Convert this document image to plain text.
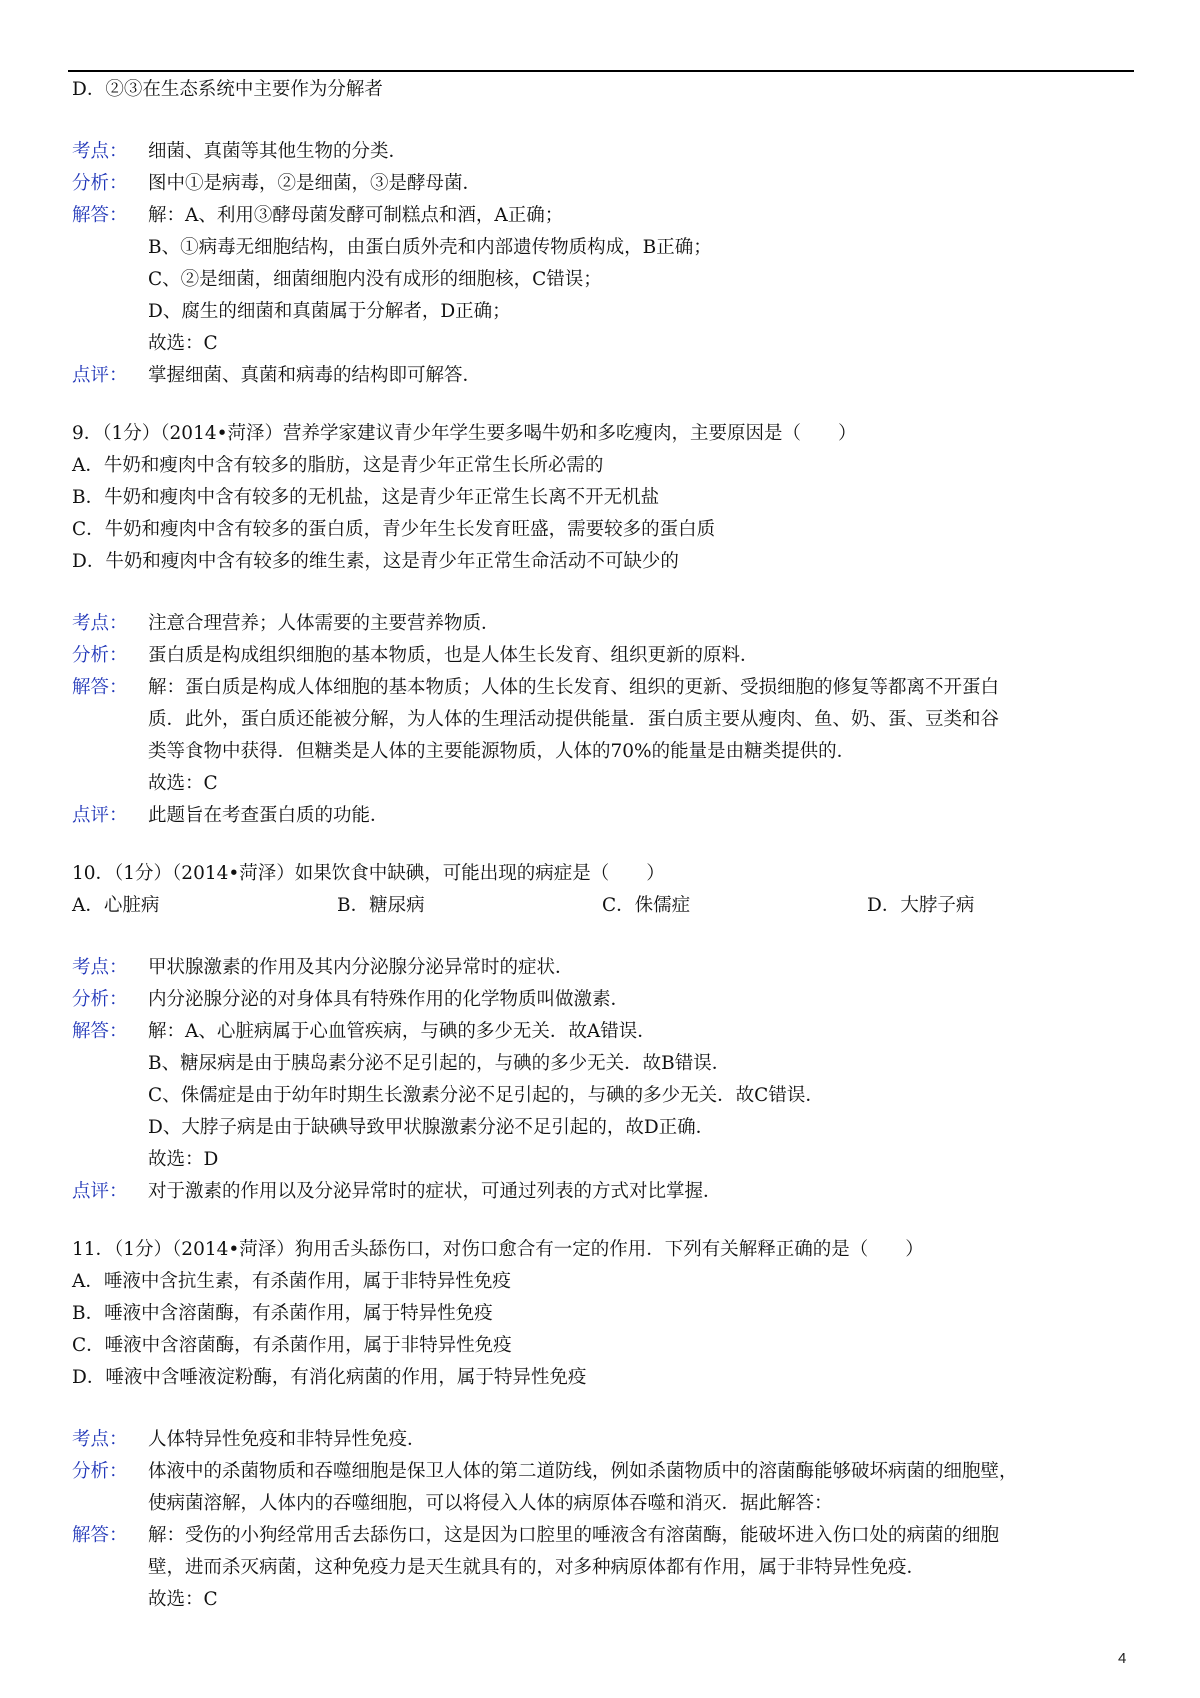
D．②③在生态系统中主要作为分解者
考点：	细菌、真菌等其他生物的分类．
分析：	图中①是病毒，②是细菌，③是酵母菌．
解答：	解：A、利用③酵母菌发酵可制糕点和酒，A正确；
B、①病毒无细胞结构，由蛋白质外壳和内部遗传物质构成，B正确；
C、②是细菌，细菌细胞内没有成形的细胞核，C错误；
D、腐生的细菌和真菌属于分解者，D正确；
故选：C
点评：	掌握细菌、真菌和病毒的结构即可解答．
9．（1分）（2014•菏泽）营养学家建议青少年学生要多喝牛奶和多吃瘦肉，主要原因是（　　）
A．牛奶和瘦肉中含有较多的脂肪，这是青少年正常生长所必需的
B．牛奶和瘦肉中含有较多的无机盐，这是青少年正常生长离不开无机盐
C．牛奶和瘦肉中含有较多的蛋白质，青少年生长发育旺盛，需要较多的蛋白质
D．牛奶和瘦肉中含有较多的维生素，这是青少年正常生命活动不可缺少的
考点：	注意合理营养；人体需要的主要营养物质．
分析：	蛋白质是构成组织细胞的基本物质，也是人体生长发育、组织更新的原料．
解答：	解：蛋白质是构成人体细胞的基本物质；人体的生长发育、组织的更新、受损细胞的修复等都离不开蛋白
质．此外，蛋白质还能被分解，为人体的生理活动提供能量．蛋白质主要从瘦肉、鱼、奶、蛋、豆类和谷
类等食物中获得．但糖类是人体的主要能源物质，人体的70%的能量是由糖类提供的．
故选：C
点评：	此题旨在考查蛋白质的功能．
10．（1分）（2014•菏泽）如果饮食中缺碘，可能出现的病症是（　　）
A．心脏病	B．糖尿病	C．侏儒症	D．大脖子病
考点：	甲状腺激素的作用及其内分泌腺分泌异常时的症状．
分析：	内分泌腺分泌的对身体具有特殊作用的化学物质叫做激素．
解答：	解：A、心脏病属于心血管疾病，与碘的多少无关．故A错误．
B、糖尿病是由于胰岛素分泌不足引起的，与碘的多少无关．故B错误．
C、侏儒症是由于幼年时期生长激素分泌不足引起的，与碘的多少无关．故C错误．
D、大脖子病是由于缺碘导致甲状腺激素分泌不足引起的，故D正确．
故选：D
点评：	对于激素的作用以及分泌异常时的症状，可通过列表的方式对比掌握．
11．（1分）（2014•菏泽）狗用舌头舔伤口，对伤口愈合有一定的作用．下列有关解释正确的是（　　）
A．唾液中含抗生素，有杀菌作用，属于非特异性免疫
B．唾液中含溶菌酶，有杀菌作用，属于特异性免疫
C．唾液中含溶菌酶，有杀菌作用，属于非特异性免疫
D．唾液中含唾液淀粉酶，有消化病菌的作用，属于特异性免疫
考点：	人体特异性免疫和非特异性免疫．
分析：	体液中的杀菌物质和吞噬细胞是保卫人体的第二道防线，例如杀菌物质中的溶菌酶能够破坏病菌的细胞壁，
使病菌溶解，人体内的吞噬细胞，可以将侵入人体的病原体吞噬和消灭．据此解答：
解答：	解：受伤的小狗经常用舌去舔伤口，这是因为口腔里的唾液含有溶菌酶，能破坏进入伤口处的病菌的细胞
壁，进而杀灭病菌，这种免疫力是天生就具有的，对多种病原体都有作用，属于非特异性免疫．
故选：C
4
